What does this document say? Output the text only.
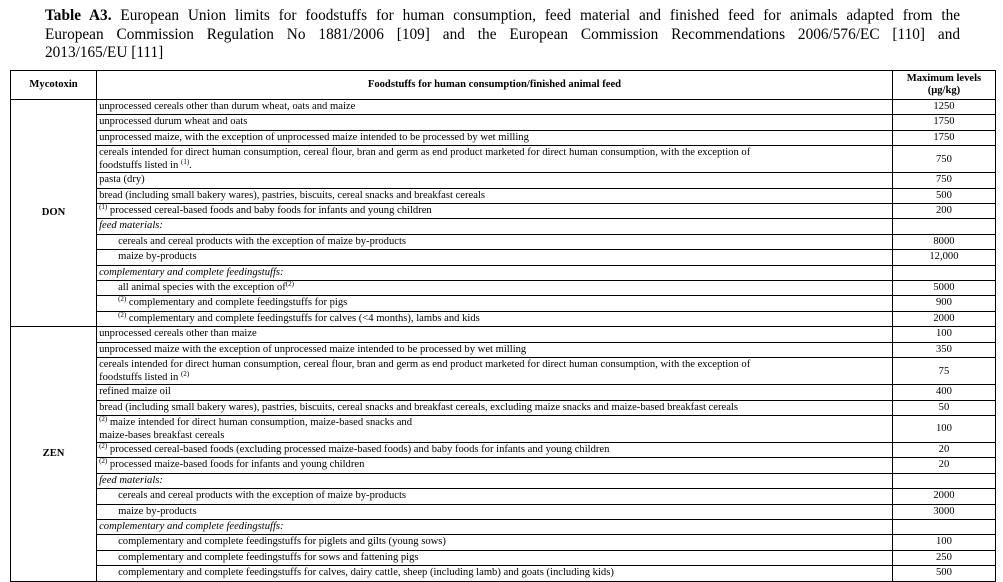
Table A3. European Union limits for foodstuffs for human consumption, feed material and finished feed for animals adapted from the
European Commission Regulation No 1881/2006 [109] and the European Commission Recommendations 2006/576/EC [110] and
2013/165/EU [111]
Mycotoxin	Foodstuffs for human consumption/finished animal feed	Maximum levels
(μg/kg)
DON	unprocessed cereals other than durum wheat, oats and maize	1250
	unprocessed durum wheat and oats	1750
	unprocessed maize, with the exception of unprocessed maize intended to be processed by wet milling	1750
	cereals intended for direct human consumption, cereal flour, bran and germ as end product marketed for direct human consumption, with the exception of
foodstuffs listed in $^{(1)}$.	750
	pasta (dry)	750
	bread (including small bakery wares), pastries, biscuits, cereal snacks and breakfast cereals	500
	$^{(1)}$ processed cereal-based foods and baby foods for infants and young children	200
	feed materials:	
	cereals and cereal products with the exception of maize by-products	8000
	maize by-products	12,000
	complementary and complete feedingstuffs:	
	all animal species with the exception $of^{(2)}$	5000
	$^{(2)}$ complementary and complete feedingstuffs for pigs	900
	$^{(2)}$ complementary and complete feedingstuffs for calves (<4 months), lambs and kids	2000
ZEN	unprocessed cereals other than maize	100
	unprocessed maize with the exception of unprocessed maize intended to be processed by wet milling	350
	cereals intended for direct human consumption, cereal flour, bran and germ as end product marketed for direct human consumption, with the exception of
foodstuffs listed in $^{(2)}$	75
	refined maize oil	400
	bread (including small bakery wares), pastries, biscuits, cereal snacks and breakfast cereals, excluding maize snacks and maize-based breakfast cereals	50
	$^{(2)}$ maize intended for direct human consumption, maize-based snacks and
maize-bases breakfast cereals	100
	$^{(2)}$ processed cereal-based foods (excluding processed maize-based foods) and baby foods for infants and young children	20
	$^{(2)}$ processed maize-based foods for infants and young children	20
	feed materials:	
	cereals and cereal products with the exception of maize by-products	2000
	maize by-products	3000
	complementary and complete feedingstuffs:	
	complementary and complete feedingstuffs for piglets and gilts (young sows)	100
	complementary and complete feedingstuffs for sows and fattening pigs	250
	complementary and complete feedingstuffs for calves, dairy cattle, sheep (including lamb) and goats (including kids)	500
